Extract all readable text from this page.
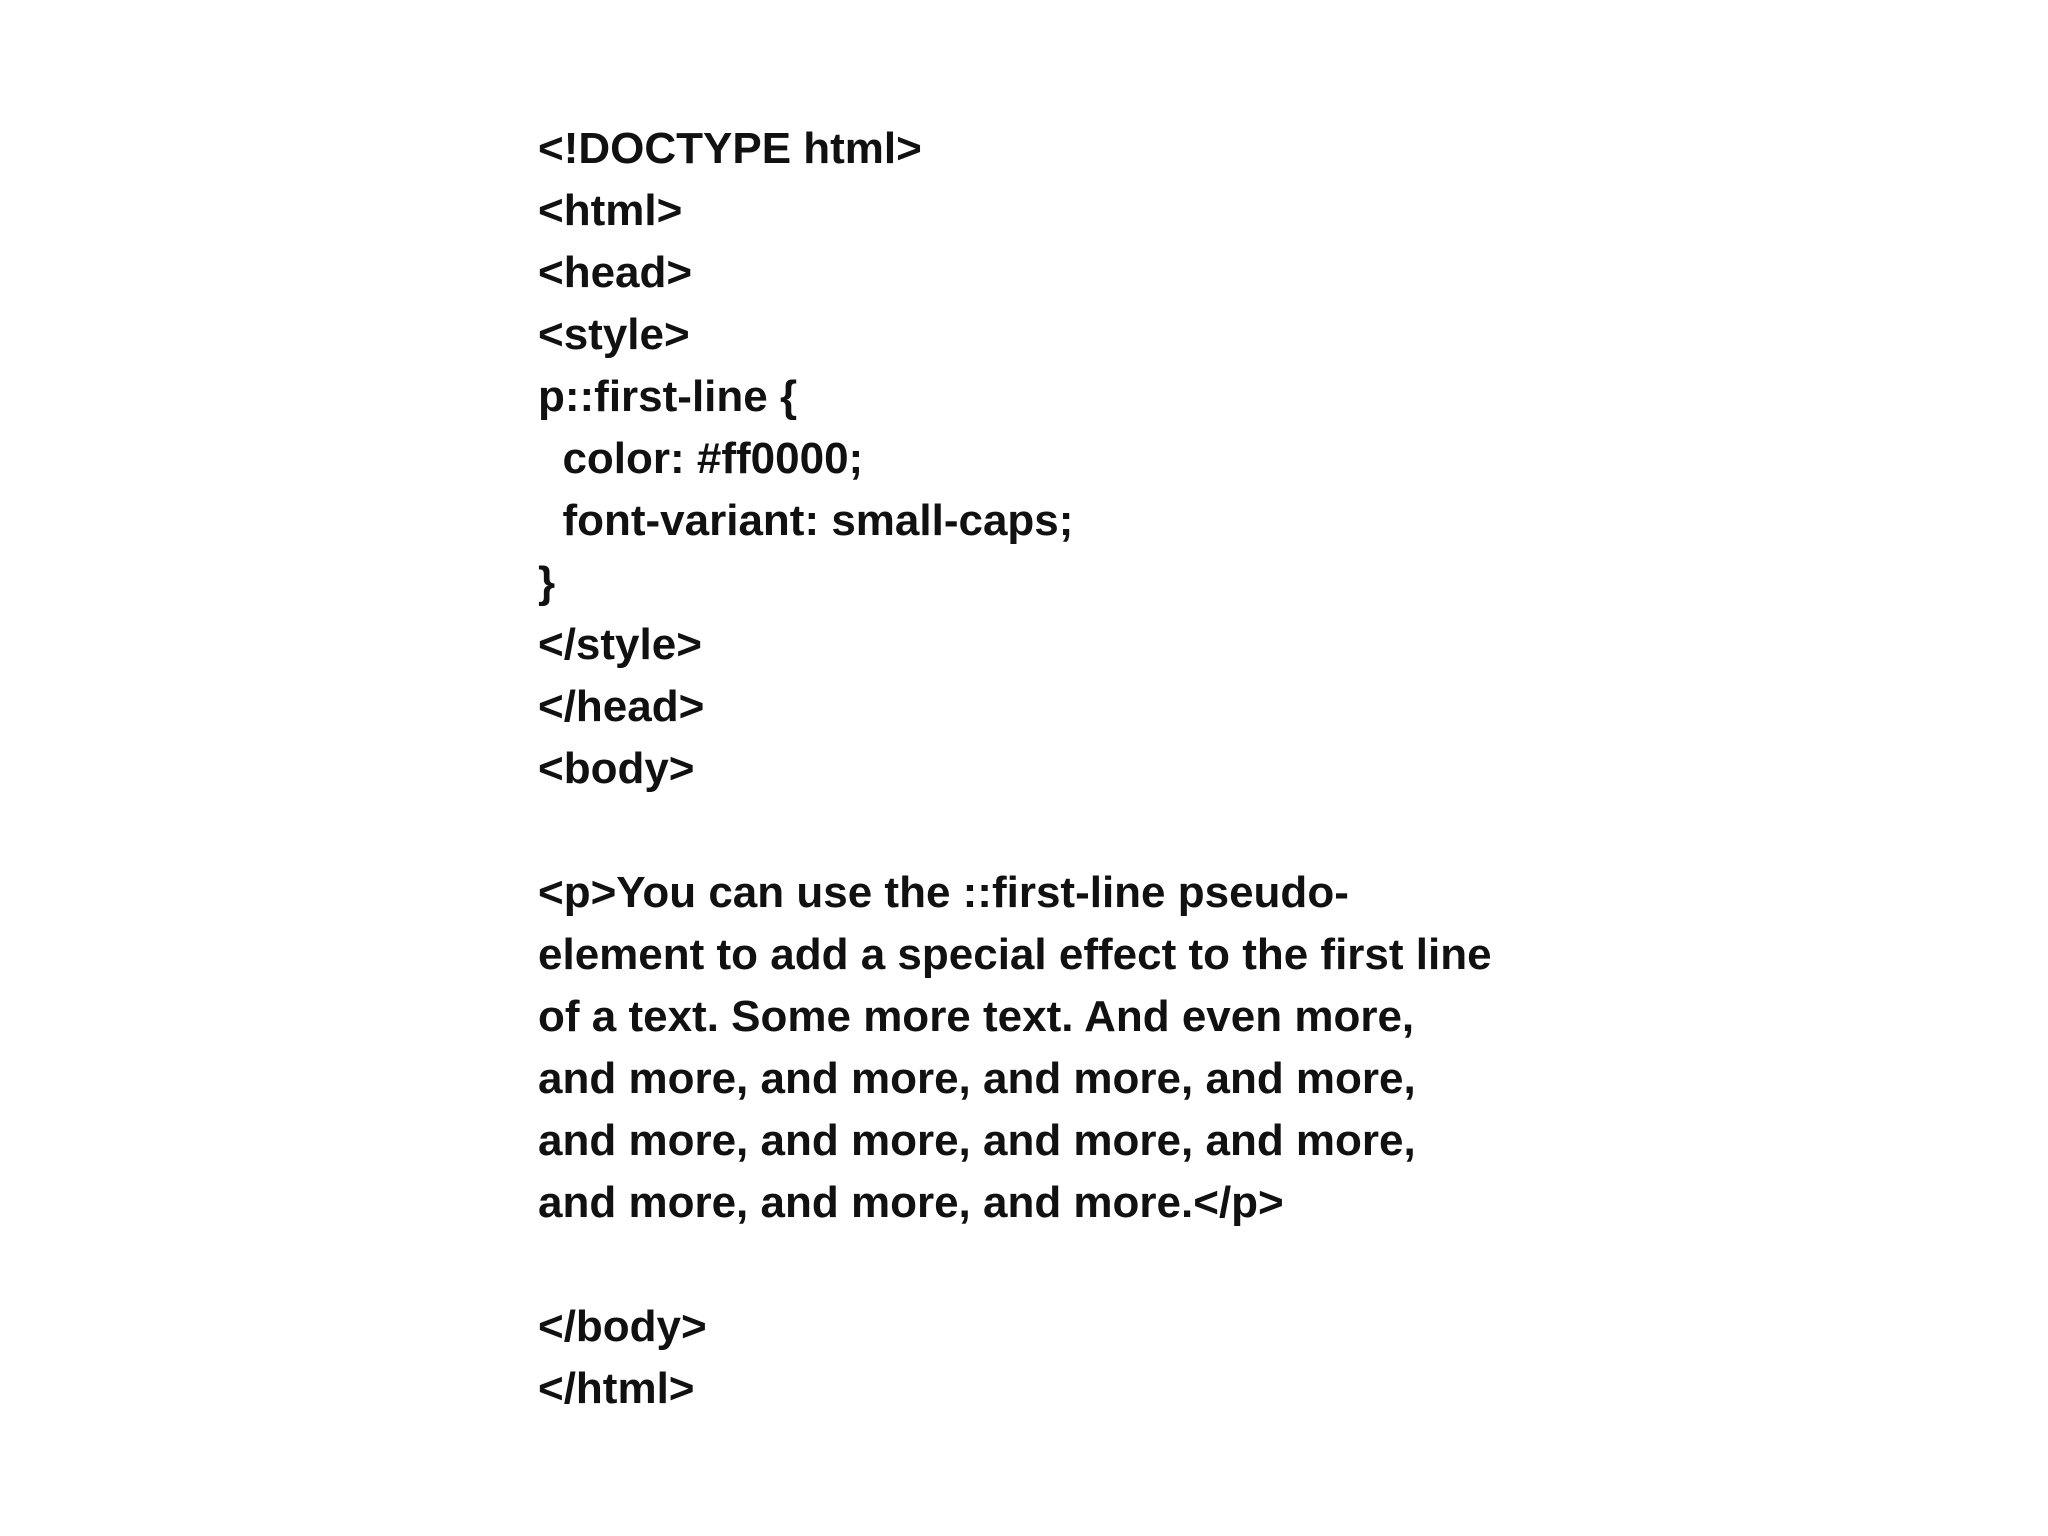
<!DOCTYPE html>
<html>
<head>
<style>
p::first-line {
color: #ff0000;
font-variant: small-caps;
}
</style>
</head>
<body>
<p>You can use the ::first-line pseudo-
element to add a special effect to the first line
of a text. Some more text. And even more,
and more, and more, and more, and more,
and more, and more, and more, and more,
and more, and more, and more.</p>
</body>
</html>
